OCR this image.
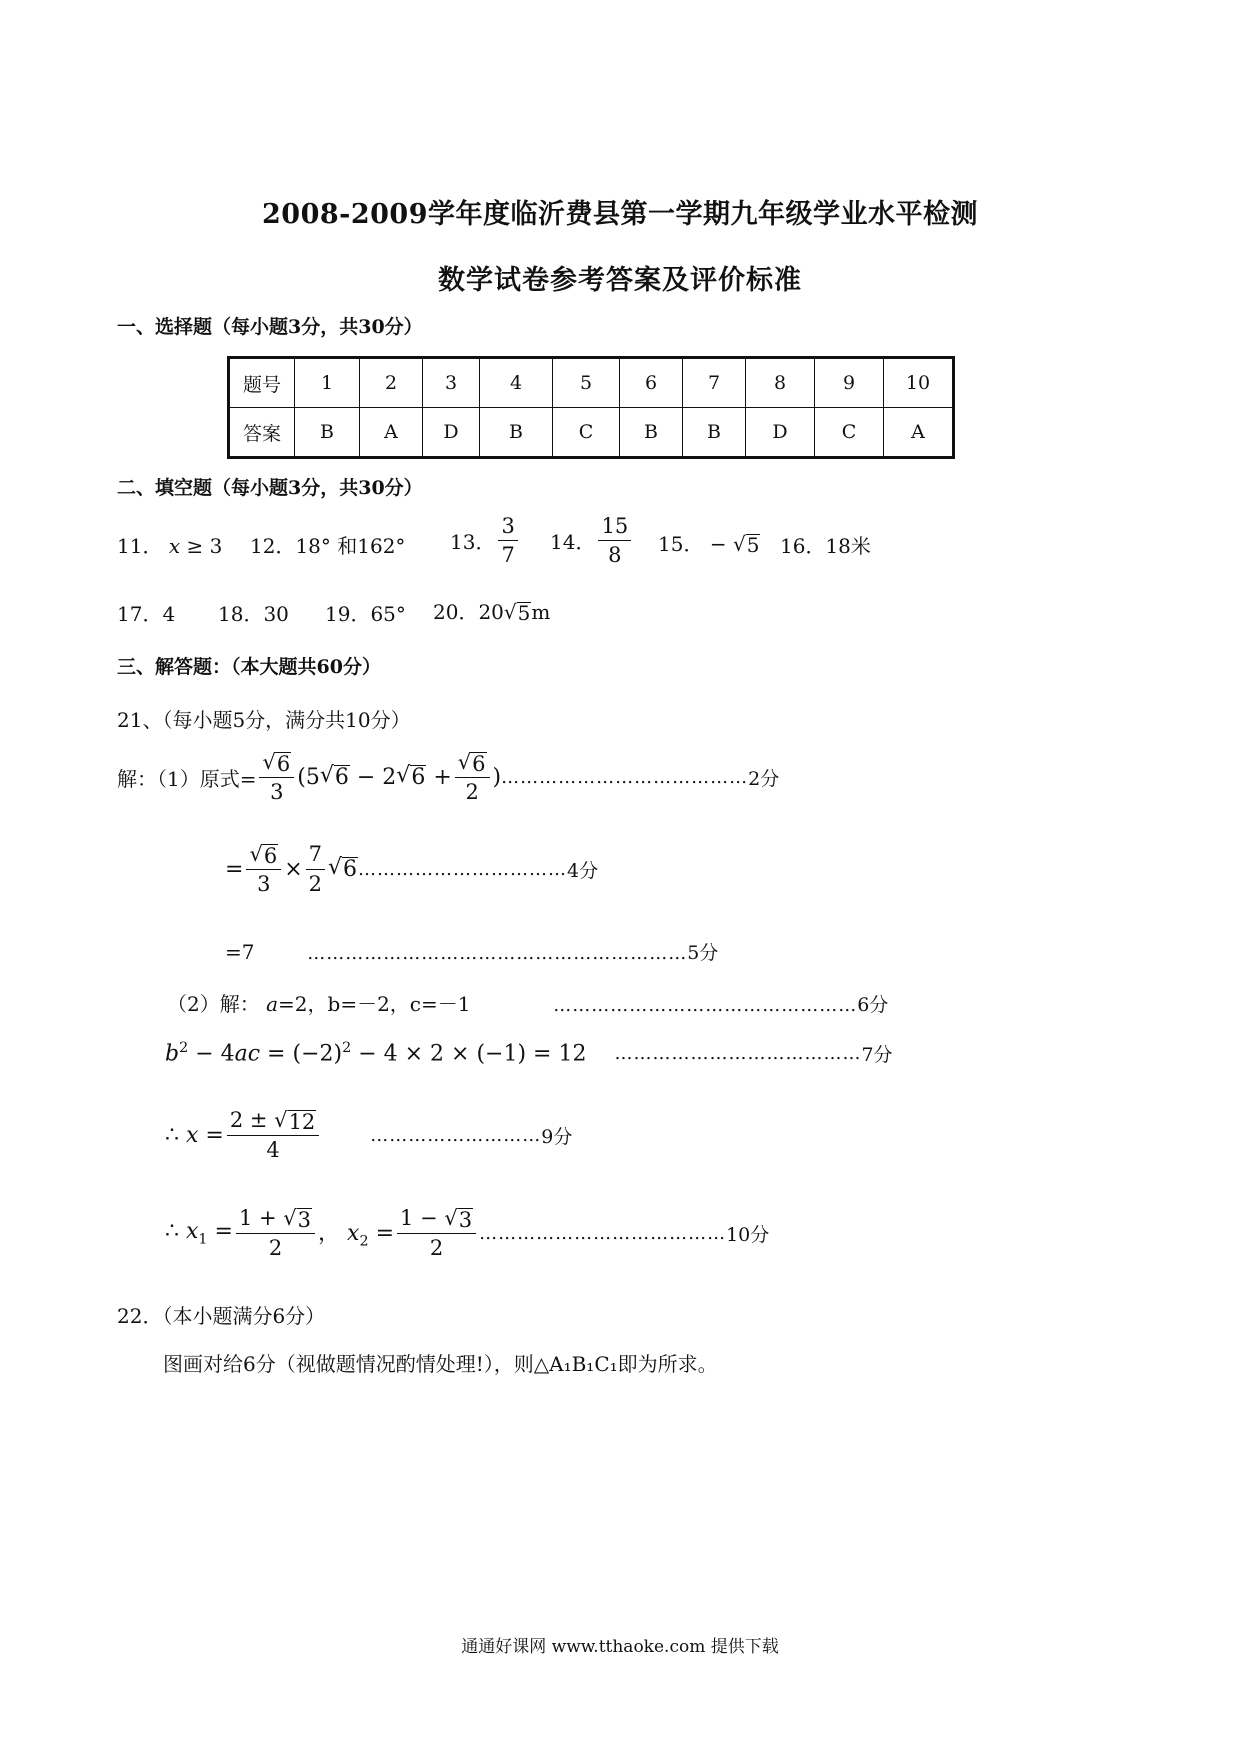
2008-2009学年度临沂费县第一学期九年级学业水平检测
数学试卷参考答案及评价标准
一、选择题（每小题3分，共30分）
题号	1	2	3	4	5	6	7	8	9	10
答案	B	A	D	B	C	B	B	D	C	A
二、填空题（每小题3分，共30分）
11． x ≥ 3 12．18° 和162° 13． $\frac{3}{7} 14$． $\frac{15}{8} 15$． − √ 5 16．18米
17．4 18．30 19．65° 20．20 √ 5 m
三、解答题：（本大题共60分）
21、（每小题5分，满分共10分）
解：（1）原式= $\frac{√ 6}{3} (5$ √ 6 − 2 √ $6 + \frac{√ 6}{2}$ ) ………………………………… 2分
= $\frac{√ 6}{3} \times \frac{7}{2}$ √ 6 …………………………… 4分
=7	……………………………………………………5分
（2）解： a=2，b=－2，c=－1	…………………………………………6分
$b^2 - 4ac = (-2)^2 - 4 \times 2 \times (-1) = 12$ ………………………………… 7分
∴ $x = \frac{2 \pm √ 12}{4}$	……………………… 9分
∴ $x_1 = \frac{1 + √ 3}{2}$ ， $x_2 = \frac{1 - √ 3}{2}$ ………………………………… 10分
22．（本小题满分6分）
图画对给6分（视做题情况酌情处理!），则△A₁B₁C₁即为所求。
通通好课网 www.tthaoke.com 提供下载
